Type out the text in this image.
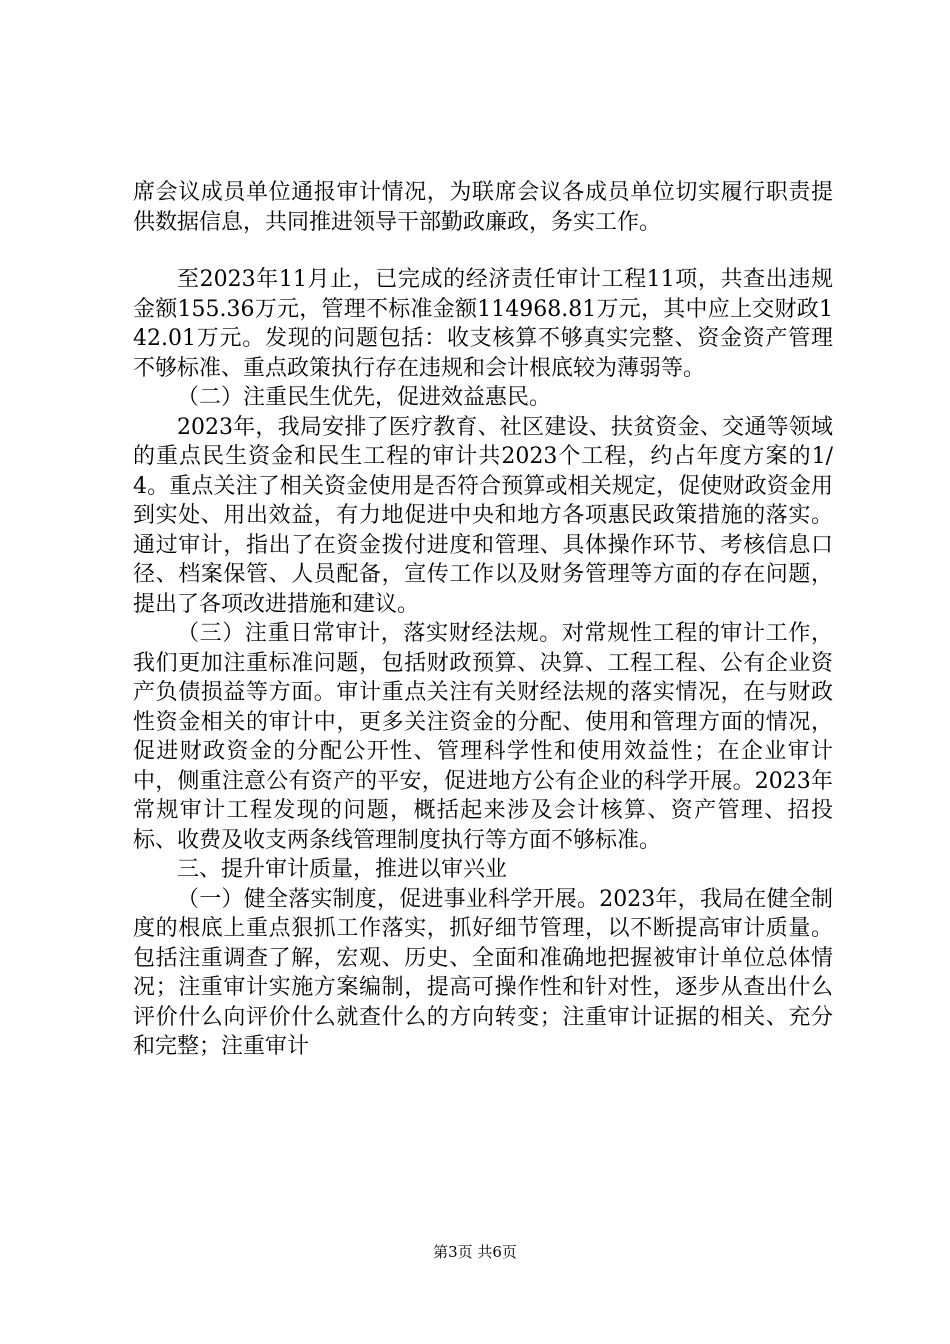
席会议成员单位通报审计情况，为联席会议各成员单位切实履行职责提供数据信息，共同推进领导干部勤政廉政，务实工作。

至2023年11月止，已完成的经济责任审计工程11项，共查出违规金额155.36万元，管理不标准金额114968.81万元，其中应上交财政142.01万元。发现的问题包括：收支核算不够真实完整、资金资产管理不够标准、重点政策执行存在违规和会计根底较为薄弱等。

（二）注重民生优先，促进效益惠民。

2023年，我局安排了医疗教育、社区建设、扶贫资金、交通等领域的重点民生资金和民生工程的审计共2023个工程，约占年度方案的1/4。重点关注了相关资金使用是否符合预算或相关规定，促使财政资金用到实处、用出效益，有力地促进中央和地方各项惠民政策措施的落实。通过审计，指出了在资金拨付进度和管理、具体操作环节、考核信息口径、档案保管、人员配备，宣传工作以及财务管理等方面的存在问题，提出了各项改进措施和建议。

（三）注重日常审计，落实财经法规。对常规性工程的审计工作，我们更加注重标准问题，包括财政预算、决算、工程工程、公有企业资产负债损益等方面。审计重点关注有关财经法规的落实情况，在与财政性资金相关的审计中，更多关注资金的分配、使用和管理方面的情况，促进财政资金的分配公开性、管理科学性和使用效益性；在企业审计中，侧重注意公有资产的平安，促进地方公有企业的科学开展。2023年常规审计工程发现的问题，概括起来涉及会计核算、资产管理、招投标、收费及收支两条线管理制度执行等方面不够标准。

三、提升审计质量，推进以审兴业

（一）健全落实制度，促进事业科学开展。2023年，我局在健全制度的根底上重点狠抓工作落实，抓好细节管理，以不断提高审计质量。包括注重调查了解，宏观、历史、全面和准确地把握被审计单位总体情况；注重审计实施方案编制，提高可操作性和针对性，逐步从查出什么评价什么向评价什么就查什么的方向转变；注重审计证据的相关、充分和完整；注重审计

第3页 共6页
